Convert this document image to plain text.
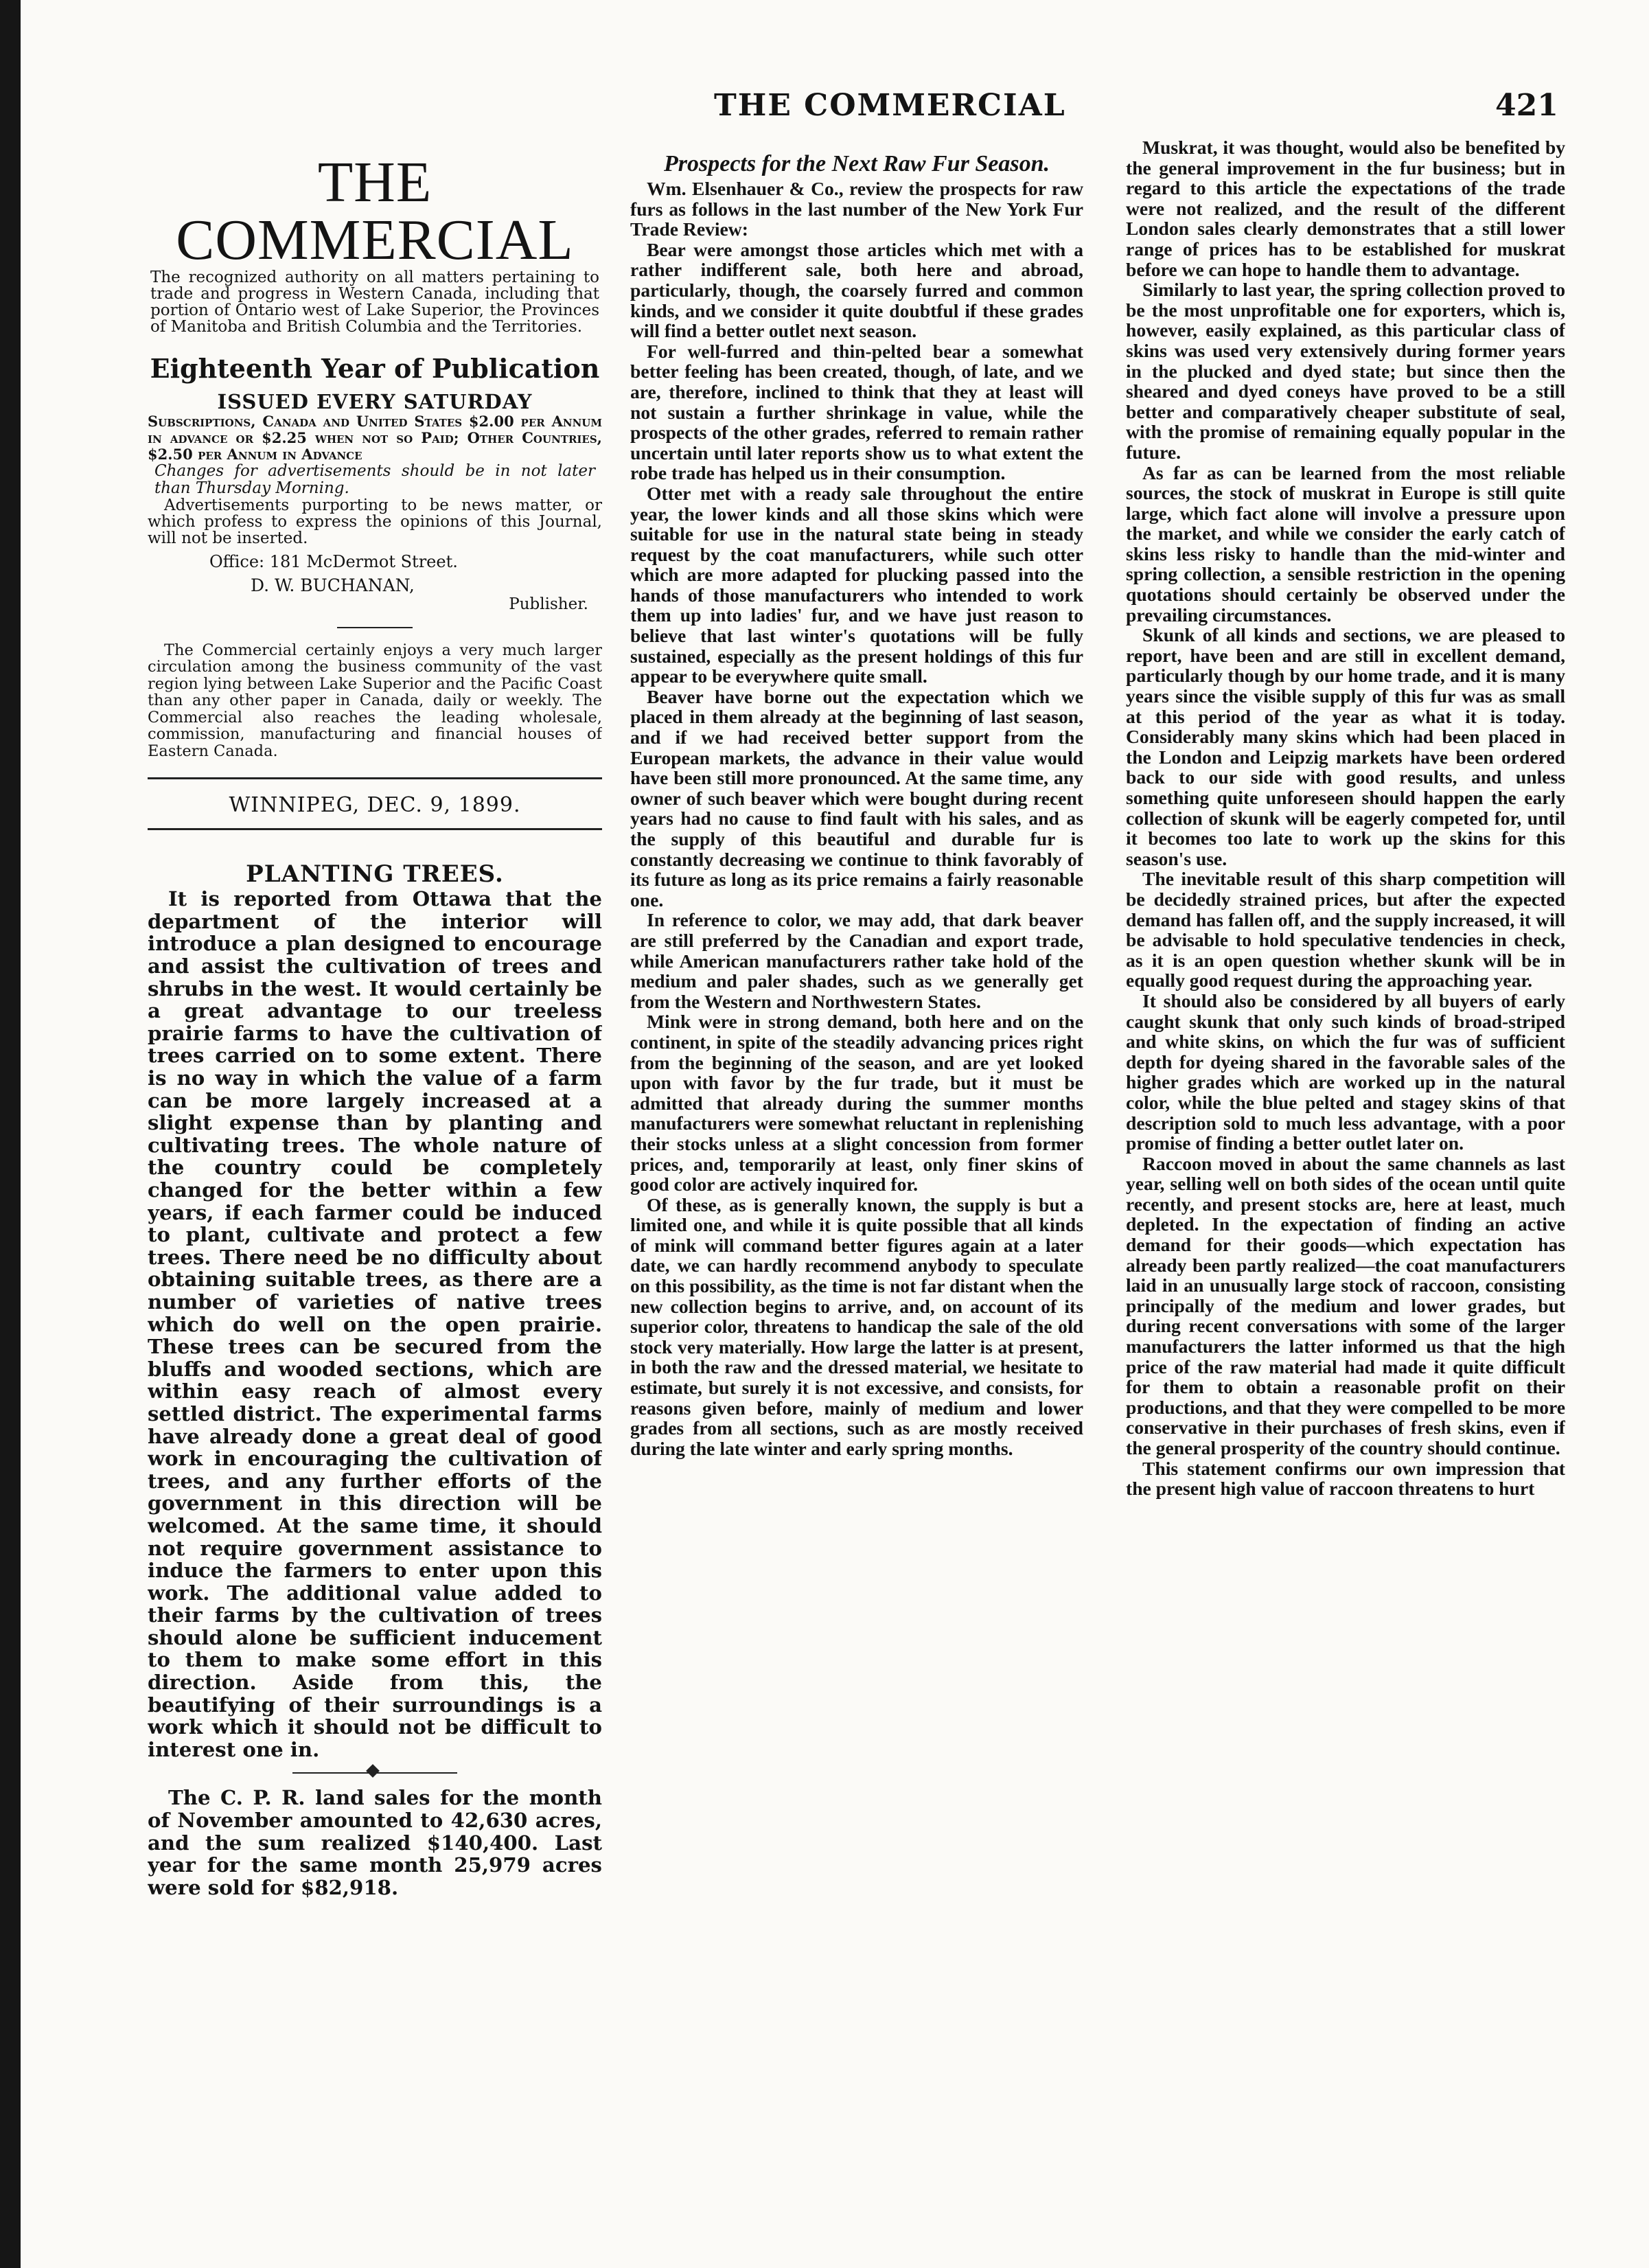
THE COMMERCIAL	421
THE COMMERCIAL

The recognized authority on all matters pertaining to trade and progress in Western Canada, including that portion of Ontario west of Lake Superior, the Provinces of Manitoba and British Columbia and the Territories.

Eighteenth Year of Publication
ISSUED EVERY SATURDAY

Subscriptions, Canada and United States $2.00 per Annum in advance or $2.25 when not so Paid; Other Countries, $2.50 per Annum in Advance

Changes for advertisements should be in not later than Thursday Morning.

Advertisements purporting to be news matter, or which profess to express the opinions of this Journal, will not be inserted.

Office: 181 McDermot Street.
D. W. BUCHANAN,
Publisher.

The Commercial certainly enjoys a very much larger circulation among the business community of the vast region lying between Lake Superior and the Pacific Coast than any other paper in Canada, daily or weekly. The Commercial also reaches the leading wholesale, commission, manufacturing and financial houses of Eastern Canada.

WINNIPEG, DEC. 9, 1899.
PLANTING TREES.

It is reported from Ottawa that the department of the interior will introduce a plan designed to encourage and assist the cultivation of trees and shrubs in the west. It would certainly be a great advantage to our treeless prairie farms to have the cultivation of trees carried on to some extent. There is no way in which the value of a farm can be more largely increased at a slight expense than by planting and cultivating trees. The whole nature of the country could be completely changed for the better within a few years, if each farmer could be induced to plant, cultivate and protect a few trees. There need be no difficulty about obtaining suitable trees, as there are a number of varieties of native trees which do well on the open prairie. These trees can be secured from the bluffs and wooded sections, which are within easy reach of almost every settled district. The experimental farms have already done a great deal of good work in encouraging the cultivation of trees, and any further efforts of the government in this direction will be welcomed. At the same time, it should not require government assistance to induce the farmers to enter upon this work. The additional value added to their farms by the cultivation of trees should alone be sufficient inducement to them to make some effort in this direction. Aside from this, the beautifying of their surroundings is a work which it should not be difficult to interest one in.

The C. P. R. land sales for the month of November amounted to 42,630 acres, and the sum realized $140,400. Last year for the same month 25,979 acres were sold for $82,918.

Prospects for the Next Raw Fur Season.

Wm. Elsenhauer & Co., review the prospects for raw furs as follows in the last number of the New York Fur Trade Review:

Bear were amongst those articles which met with a rather indifferent sale, both here and abroad, particularly, though, the coarsely furred and common kinds, and we consider it quite doubtful if these grades will find a better outlet next season.

For well-furred and thin-pelted bear a somewhat better feeling has been created, though, of late, and we are, therefore, inclined to think that they at least will not sustain a further shrinkage in value, while the prospects of the other grades, referred to remain rather uncertain until later reports show us to what extent the robe trade has helped us in their consumption.

Otter met with a ready sale throughout the entire year, the lower kinds and all those skins which were suitable for use in the natural state being in steady request by the coat manufacturers, while such otter which are more adapted for plucking passed into the hands of those manufacturers who intended to work them up into ladies' fur, and we have just reason to believe that last winter's quotations will be fully sustained, especially as the present holdings of this fur appear to be everywhere quite small.

Beaver have borne out the expectation which we placed in them already at the beginning of last season, and if we had received better support from the European markets, the advance in their value would have been still more pronounced. At the same time, any owner of such beaver which were bought during recent years had no cause to find fault with his sales, and as the supply of this beautiful and durable fur is constantly decreasing we continue to think favorably of its future as long as its price remains a fairly reasonable one.

In reference to color, we may add, that dark beaver are still preferred by the Canadian and export trade, while American manufacturers rather take hold of the medium and paler shades, such as we generally get from the Western and Northwestern States.

Mink were in strong demand, both here and on the continent, in spite of the steadily advancing prices right from the beginning of the season, and are yet looked upon with favor by the fur trade, but it must be admitted that already during the summer months manufacturers were somewhat reluctant in replenishing their stocks unless at a slight concession from former prices, and, temporarily at least, only finer skins of good color are actively inquired for.

Of these, as is generally known, the supply is but a limited one, and while it is quite possible that all kinds of mink will command better figures again at a later date, we can hardly recommend anybody to speculate on this possibility, as the time is not far distant when the new collection begins to arrive, and, on account of its superior color, threatens to handicap the sale of the old stock very materially. How large the latter is at present, in both the raw and the dressed material, we hesitate to estimate, but surely it is not excessive, and consists, for reasons given before, mainly of medium and lower grades from all sections, such as are mostly received during the late winter and early spring months.

Muskrat, it was thought, would also be benefited by the general improvement in the fur business; but in regard to this article the expectations of the trade were not realized, and the result of the different London sales clearly demonstrates that a still lower range of prices has to be established for muskrat before we can hope to handle them to advantage.

Similarly to last year, the spring collection proved to be the most unprofitable one for exporters, which is, however, easily explained, as this particular class of skins was used very extensively during former years in the plucked and dyed state; but since then the sheared and dyed coneys have proved to be a still better and comparatively cheaper substitute of seal, with the promise of remaining equally popular in the future.

As far as can be learned from the most reliable sources, the stock of muskrat in Europe is still quite large, which fact alone will involve a pressure upon the market, and while we consider the early catch of skins less risky to handle than the mid-winter and spring collection, a sensible restriction in the opening quotations should certainly be observed under the prevailing circumstances.

Skunk of all kinds and sections, we are pleased to report, have been and are still in excellent demand, particularly though by our home trade, and it is many years since the visible supply of this fur was as small at this period of the year as what it is today. Considerably many skins which had been placed in the London and Leipzig markets have been ordered back to our side with good results, and unless something quite unforeseen should happen the early collection of skunk will be eagerly competed for, until it becomes too late to work up the skins for this season's use.

The inevitable result of this sharp competition will be decidedly strained prices, but after the expected demand has fallen off, and the supply increased, it will be advisable to hold speculative tendencies in check, as it is an open question whether skunk will be in equally good request during the approaching year.

It should also be considered by all buyers of early caught skunk that only such kinds of broad-striped and white skins, on which the fur was of sufficient depth for dyeing shared in the favorable sales of the higher grades which are worked up in the natural color, while the blue pelted and stagey skins of that description sold to much less advantage, with a poor promise of finding a better outlet later on.

Raccoon moved in about the same channels as last year, selling well on both sides of the ocean until quite recently, and present stocks are, here at least, much depleted. In the expectation of finding an active demand for their goods—which expectation has already been partly realized—the coat manufacturers laid in an unusually large stock of raccoon, consisting principally of the medium and lower grades, but during recent conversations with some of the larger manufacturers the latter informed us that the high price of the raw material had made it quite difficult for them to obtain a reasonable profit on their productions, and that they were compelled to be more conservative in their purchases of fresh skins, even if the general prosperity of the country should continue.

This statement confirms our own impression that the present high value of raccoon threatens to hurt
